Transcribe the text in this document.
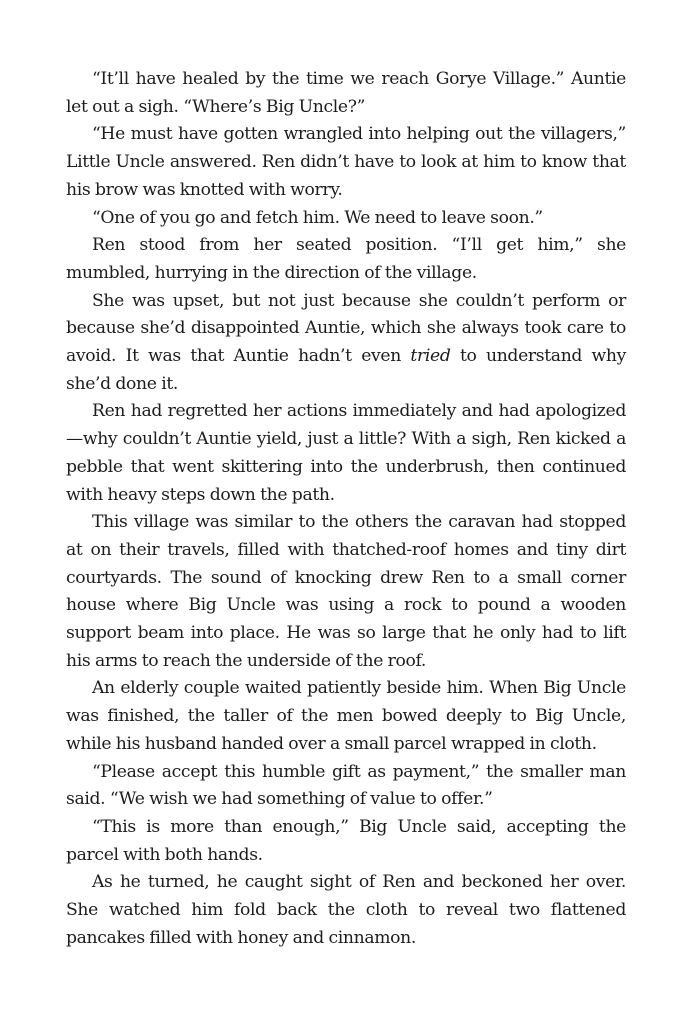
“It’ll have healed by the time we reach Gorye Village.” Auntie let out a sigh. “Where’s Big Uncle?”

“He must have gotten wrangled into helping out the villagers,” Little Uncle answered. Ren didn’t have to look at him to know that his brow was knotted with worry.

“One of you go and fetch him. We need to leave soon.”

Ren stood from her seated position. “I’ll get him,” she mumbled, hurrying in the direction of the village.

She was upset, but not just because she couldn’t perform or because she’d disappointed Auntie, which she always took care to avoid. It was that Auntie hadn’t even tried to understand why she’d done it.

Ren had regretted her actions immediately and had apologized—why couldn’t Auntie yield, just a little? With a sigh, Ren kicked a pebble that went skittering into the underbrush, then continued with heavy steps down the path.

This village was similar to the others the caravan had stopped at on their travels, filled with thatched-roof homes and tiny dirt courtyards. The sound of knocking drew Ren to a small corner house where Big Uncle was using a rock to pound a wooden support beam into place. He was so large that he only had to lift his arms to reach the underside of the roof.

An elderly couple waited patiently beside him. When Big Uncle was finished, the taller of the men bowed deeply to Big Uncle, while his husband handed over a small parcel wrapped in cloth.

“Please accept this humble gift as payment,” the smaller man said. “We wish we had something of value to offer.”

“This is more than enough,” Big Uncle said, accepting the parcel with both hands.

As he turned, he caught sight of Ren and beckoned her over. She watched him fold back the cloth to reveal two flattened pancakes filled with honey and cinnamon.
